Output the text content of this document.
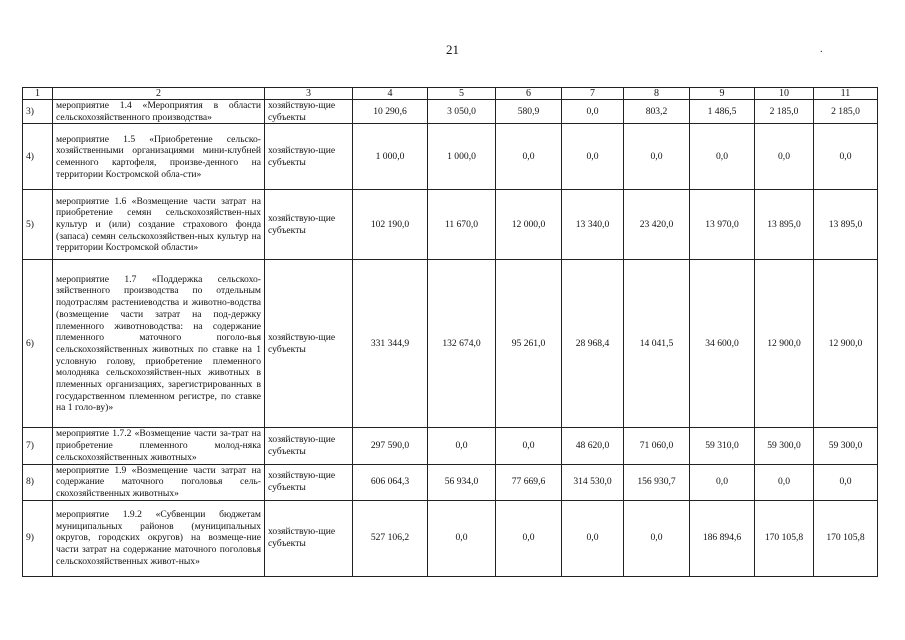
21	.
1	2	3	4	5	6	7	8	9	10	11
3)	мероприятие 1.4 «Мероприятия в области сельскохозяйственного производства»	хозяйствую-щие субъекты	10 290,6	3 050,0	580,9	0,0	803,2	1 486,5	2 185,0	2 185,0
4)	мероприятие 1.5 «Приобретение сельско-хозяйственными организациями мини-клубней семенного картофеля, произве-денного на территории Костромской обла-сти»	хозяйствую-щие субъекты	1 000,0	1 000,0	0,0	0,0	0,0	0,0	0,0	0,0
5)	мероприятие 1.6 «Возмещение части затрат на приобретение семян сельскохозяйствен-ных культур и (или) создание страхового фонда (запаса) семян сельскохозяйствен-ных культур на территории Костромской области»	хозяйствую-щие субъекты	102 190,0	11 670,0	12 000,0	13 340,0	23 420,0	13 970,0	13 895,0	13 895,0
6)	мероприятие 1.7 «Поддержка сельскохо-зяйственного производства по отдельным подотраслям растениеводства и животно-водства (возмещение части затрат на под-держку племенного животноводства: на содержание племенного маточного поголо-вья сельскохозяйственных животных по ставке на 1 условную голову, приобретение племенного молодняка сельскохозяйствен-ных животных в племенных организациях, зарегистрированных в государственном племенном регистре, по ставке на 1 голо-ву)»	хозяйствую-щие субъекты	331 344,9	132 674,0	95 261,0	28 968,4	14 041,5	34 600,0	12 900,0	12 900,0
7)	мероприятие 1.7.2 «Возмещение части за-трат на приобретение племенного молод-няка сельскохозяйственных животных»	хозяйствую-щие субъекты	297 590,0	0,0	0,0	48 620,0	71 060,0	59 310,0	59 300,0	59 300,0
8)	мероприятие 1.9 «Возмещение части затрат на содержание маточного поголовья сель-скохозяйственных животных»	хозяйствую-щие субъекты	606 064,3	56 934,0	77 669,6	314 530,0	156 930,7	0,0	0,0	0,0
9)	мероприятие 1.9.2 «Субвенции бюджетам муниципальных районов (муниципальных округов, городских округов) на возмеще-ние части затрат на содержание маточного поголовья сельскохозяйственных живот-ных»	хозяйствую-щие субъекты	527 106,2	0,0	0,0	0,0	0,0	186 894,6	170 105,8	170 105,8
